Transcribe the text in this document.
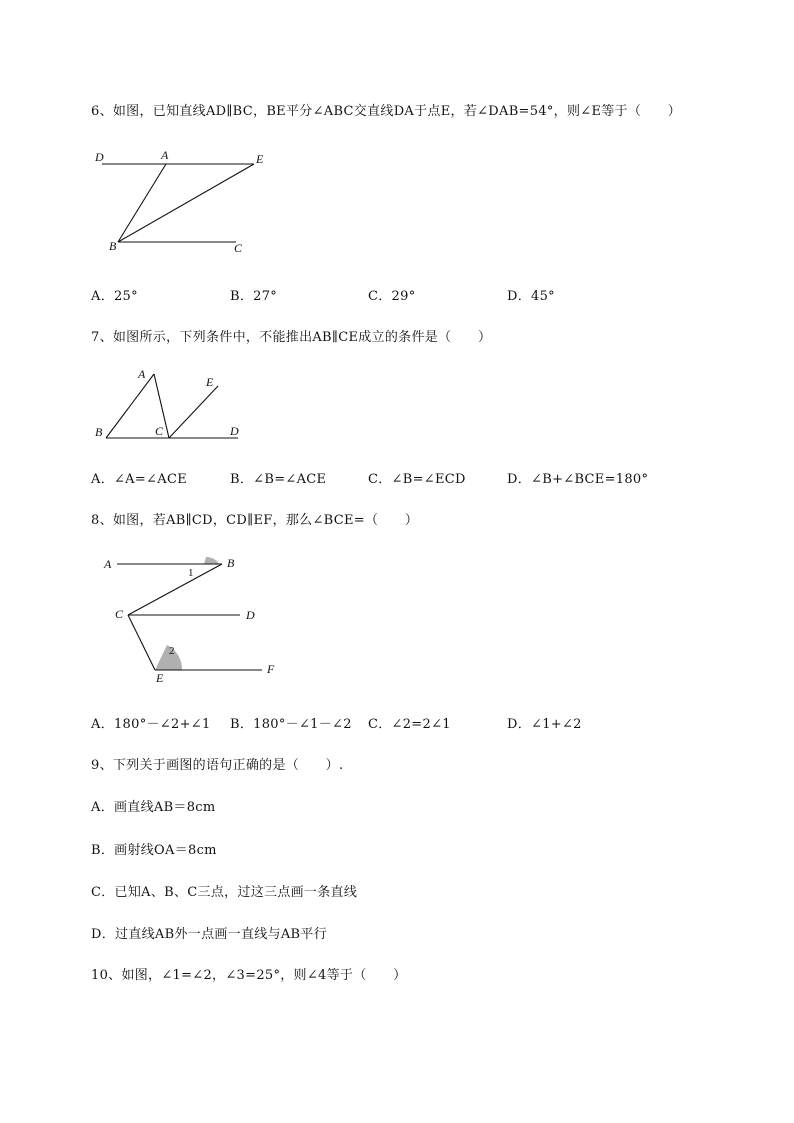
6、如图，已知直线AD∥BC，BE平分∠ABC交直线DA于点E，若∠DAB=54°，则∠E等于（　　）
D	A	E
B	C
A．25°	B．27°	C．29°	D．45°
7、如图所示，下列条件中，不能推出AB∥CE成立的条件是（　　）
A
E
B	C	D
A．∠A=∠ACE	B．∠B=∠ACE	C．∠B=∠ECD	D．∠B+∠BCE=180°
8、如图，若AB∥CD，CD∥EF，那么∠BCE=（　　）
A	B
1
C	D
2
E
F
A．180°－∠2+∠1 B．180°－∠1－∠2 C．∠2=2∠1	D．∠1+∠2
9、下列关于画图的语句正确的是（　　）.
A．画直线AB＝8cm
B．画射线OA＝8cm
C．已知A、B、C三点，过这三点画一条直线
D．过直线AB外一点画一直线与AB平行
10、如图，∠1=∠2，∠3=25°，则∠4等于（　　）
